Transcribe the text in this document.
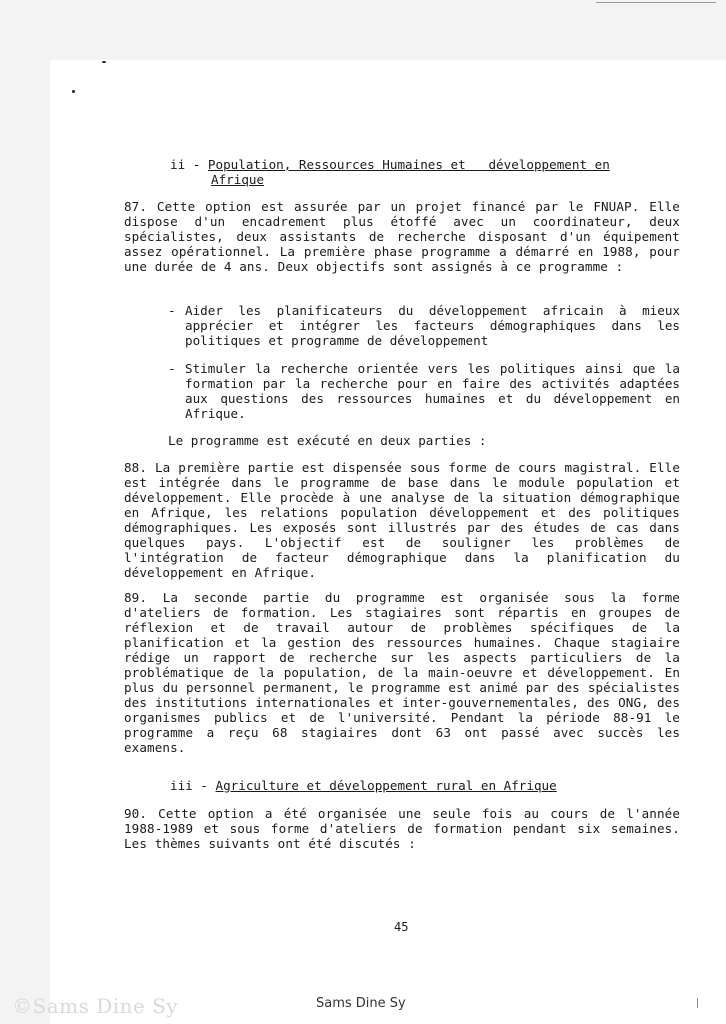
ii - Population, Ressources Humaines et   développement en
Afrique
87. Cette option est assurée par un projet financé par le FNUAP. Elle dispose d'un encadrement plus étoffé avec un coordinateur, deux spécialistes, deux assistants de recherche disposant d'un équipement assez opérationnel. La première phase programme a démarré en 1988, pour une durée de 4 ans. Deux objectifs sont assignés à ce programme :
- Aider les planificateurs du développement africain à mieux apprécier et intégrer les facteurs démographiques dans les politiques et programme de développement
- Stimuler la recherche orientée vers les politiques ainsi que la formation par la recherche pour en faire des activités adaptées aux questions des ressources humaines et du développement en Afrique.
Le programme est exécuté en deux parties :
88. La première partie est dispensée sous forme de cours magistral. Elle est intégrée dans le programme de base dans le module population et développement. Elle procède à une analyse de la situation démographique en Afrique, les relations population développement et des politiques démographiques. Les exposés sont illustrés par des études de cas dans quelques pays. L'objectif est de souligner les problèmes de l'intégration de facteur démographique dans la planification du développement en Afrique.
89. La seconde partie du programme est organisée sous la forme d'ateliers de formation. Les stagiaires sont répartis en groupes de réflexion et de travail autour de problèmes spécifiques de la planification et la gestion des ressources humaines. Chaque stagiaire rédige un rapport de recherche sur les aspects particuliers de la problématique de la population, de la main-oeuvre et développement. En plus du personnel permanent, le programme est animé par des spécialistes des institutions internationales et inter-gouvernementales, des ONG, des organismes publics et de l'université. Pendant la période 88-91 le programme a reçu 68 stagiaires dont 63 ont passé avec succès les examens.
iii - Agriculture et développement rural en Afrique
90. Cette option a été organisée une seule fois au cours de l'année 1988-1989 et sous forme d'ateliers de formation pendant six semaines. Les thèmes suivants ont été discutés :
45
©Sams Dine Sy	Sams Dine Sy
